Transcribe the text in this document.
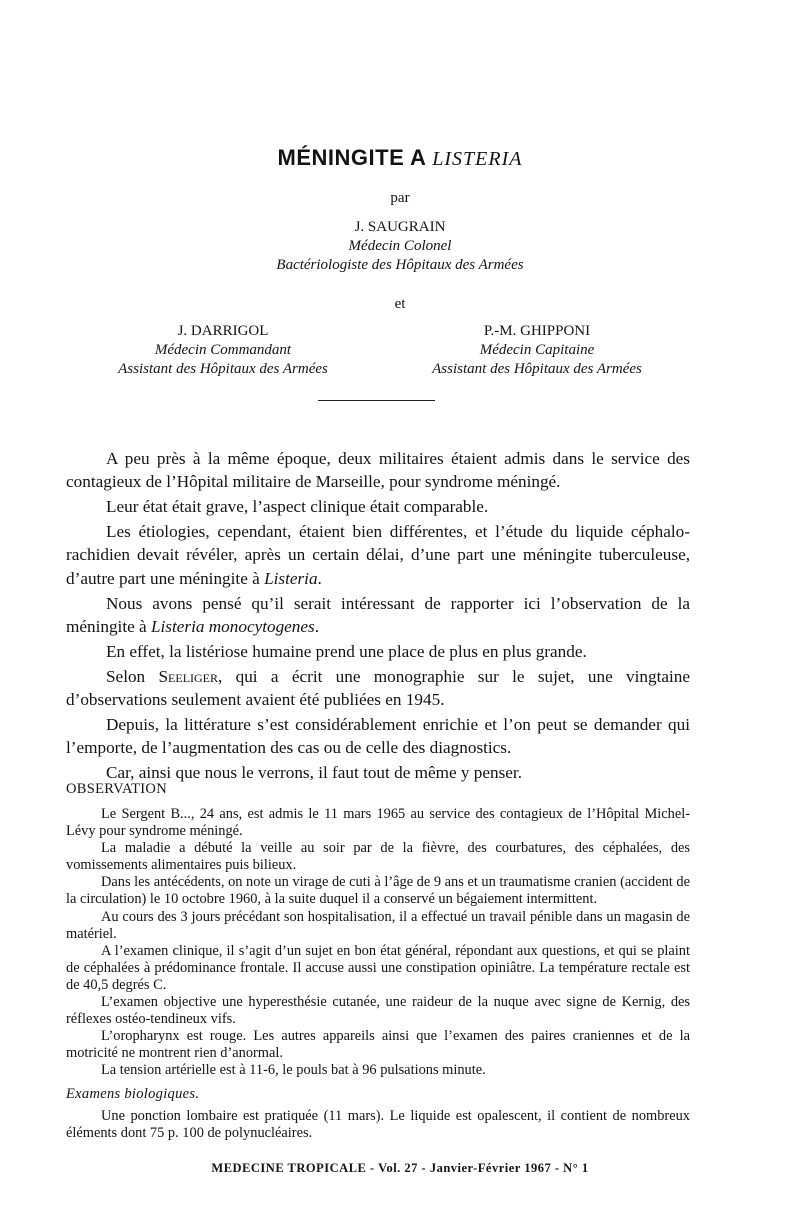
MÉNINGITE A LISTERIA
par
J. SAUGRAIN
Médecin Colonel
Bactériologiste des Hôpitaux des Armées
et
J. DARRIGOL
Médecin Commandant
Assistant des Hôpitaux des Armées
P.-M. GHIPPONI
Médecin Capitaine
Assistant des Hôpitaux des Armées

A peu près à la même époque, deux militaires étaient admis dans le service des contagieux de l’Hôpital militaire de Marseille, pour syndrome méningé.

Leur état était grave, l’aspect clinique était comparable.

Les étiologies, cependant, étaient bien différentes, et l’étude du liquide céphalo-rachidien devait révéler, après un certain délai, d’une part une méningite tuberculeuse, d’autre part une méningite à Listeria.

Nous avons pensé qu’il serait intéressant de rapporter ici l’observation de la méningite à Listeria monocytogenes.

En effet, la listériose humaine prend une place de plus en plus grande.

Selon Seeliger, qui a écrit une monographie sur le sujet, une vingtaine d’observations seulement avaient été publiées en 1945.

Depuis, la littérature s’est considérablement enrichie et l’on peut se demander qui l’emporte, de l’augmentation des cas ou de celle des diagnostics.

Car, ainsi que nous le verrons, il faut tout de même y penser.

OBSERVATION

Le Sergent B..., 24 ans, est admis le 11 mars 1965 au service des contagieux de l’Hôpital Michel-Lévy pour syndrome méningé.

La maladie a débuté la veille au soir par de la fièvre, des courbatures, des céphalées, des vomissements alimentaires puis bilieux.

Dans les antécédents, on note un virage de cuti à l’âge de 9 ans et un traumatisme cranien (accident de la circulation) le 10 octobre 1960, à la suite duquel il a conservé un bégaiement intermittent.

Au cours des 3 jours précédant son hospitalisation, il a effectué un travail pénible dans un magasin de matériel.

A l’examen clinique, il s’agit d’un sujet en bon état général, répondant aux questions, et qui se plaint de céphalées à prédominance frontale. Il accuse aussi une constipation opiniâtre. La température rectale est de 40,5 degrés C.

L’examen objective une hyperesthésie cutanée, une raideur de la nuque avec signe de Kernig, des réflexes ostéo-tendineux vifs.

L’oropharynx est rouge. Les autres appareils ainsi que l’examen des paires craniennes et de la motricité ne montrent rien d’anormal.

La tension artérielle est à 11-6, le pouls bat à 96 pulsations minute.

Examens biologiques.

Une ponction lombaire est pratiquée (11 mars). Le liquide est opalescent, il contient de nombreux éléments dont 75 p. 100 de polynucléaires.

MEDECINE TROPICALE - Vol. 27 - Janvier-Février 1967 - N° 1
